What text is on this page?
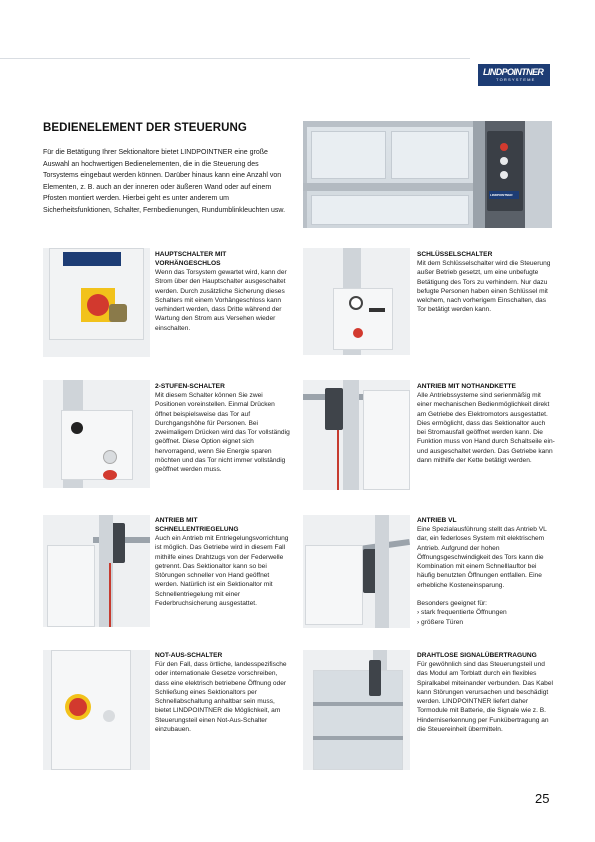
LINDPOINTNER
TORSYSTEME
BEDIENELEMENT DER STEUERUNG
Für die Betätigung Ihrer Sektionaltore bietet LINDPOINTNER eine große Auswahl an hochwertigen Bedienelementen, die in die Steuerung des Torsystems eingebaut werden können. Darüber hinaus kann eine Anzahl von Elementen, z. B. auch an der inneren oder äußeren Wand oder auf einem Pfosten montiert werden. Hierbei geht es unter anderem um Sicherheitsfunktionen, Schalter, Fernbedienungen, Rundumblinkleuchten usw.
LINDPOINTNER
HAUPTSCHALTER MIT VORHÄNGESCHLOS
Wenn das Torsystem gewartet wird, kann der Strom über den Hauptschalter ausgeschaltet werden. Durch zusätzliche Sicherung dieses Schalters mit einem Vorhängeschloss kann verhindert werden, dass Dritte während der Wartung den Strom aus Versehen wieder einschalten.
SCHLÜSSELSCHALTER
Mit dem Schlüsselschalter wird die Steuerung außer Betrieb gesetzt, um eine unbefugte Betätigung des Tors zu verhindern. Nur dazu befugte Personen haben einen Schlüssel mit welchem, nach vorherigem Einschalten, das Tor betätigt werden kann.
2-STUFEN-SCHALTER
Mit diesem Schalter können Sie zwei Positionen voreinstellen. Einmal Drücken öffnet beispielsweise das Tor auf Durchgangshöhe für Personen. Bei zweimaligem Drücken wird das Tor vollständig geöffnet. Diese Option eignet sich hervorragend, wenn Sie Energie sparen möchten und das Tor nicht immer vollständig geöffnet werden muss.
ANTRIEB MIT NOTHANDKETTE
Alle Antriebssysteme sind serienmäßig mit einer mechanischen Bedienmöglichkeit direkt am Getriebe des Elektromotors ausgestattet. Dies ermöglicht, dass das Sektionaltor auch bei Stromausfall geöffnet werden kann. Die Funktion muss von Hand durch Schaltseile ein- und ausgeschaltet werden. Das Getriebe kann dann mithilfe der Kette betätigt werden.
ANTRIEB MIT SCHNELLENTRIEGELUNG
Auch ein Antrieb mit Entriegelungsvorrichtung ist möglich. Das Getriebe wird in diesem Fall mithilfe eines Drahtzugs von der Federwelle getrennt. Das Sektionaltor kann so bei Störungen schneller von Hand geöffnet werden. Natürlich ist ein Sektionaltor mit Schnellentriegelung mit einer Federbruchsicherung ausgestattet.
ANTRIEB VL
Eine Spezialausführung stellt das Antrieb VL dar, ein federloses System mit elektrischem Antrieb. Aufgrund der hohen Öffnungsgeschwindigkeit des Tors kann die Kombination mit einem Schnelllauftor bei häufig benutzten Öffnungen entfallen. Eine erhebliche Kosteneinsparung.
Besonders geeignet für:
› stark frequentierte Öffnungen
› größere Türen
NOT-AUS-SCHALTER
Für den Fall, dass örtliche, landesspezifische oder internationale Gesetze vorschreiben, dass eine elektrisch betriebene Öffnung oder Schließung eines Sektionaltors per Schnellabschaltung anhaltbar sein muss, bietet LINDPOINTNER die Möglichkeit, am Steuerungsteil einen Not-Aus-Schalter einzubauen.
DRAHTLOSE SIGNALÜBERTRAGUNG
Für gewöhnlich sind das Steuerungsteil und das Modul am Torblatt durch ein flexibles Spiralkabel miteinander verbunden. Das Kabel kann Störungen verursachen und beschädigt werden. LINDPOINTNER liefert daher Tormodule mit Batterie, die Signale wie z. B. Hinderniserkennung per Funkübertragung an die Steuereinheit übermitteln.
25
